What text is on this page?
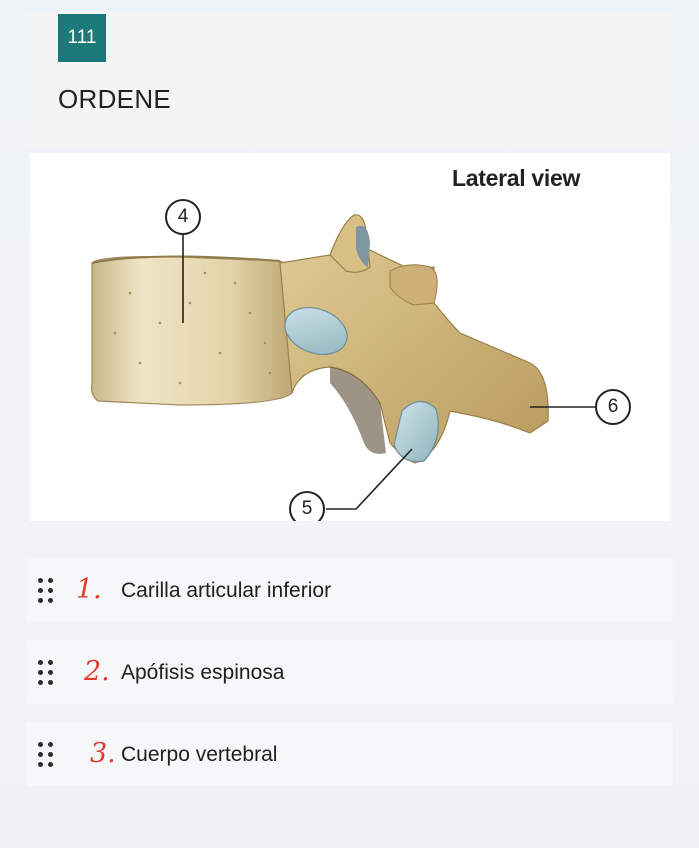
111
ORDENE
Lateral view
4
5
6
1. Carilla articular inferior
2. Apófisis espinosa
3. Cuerpo vertebral
